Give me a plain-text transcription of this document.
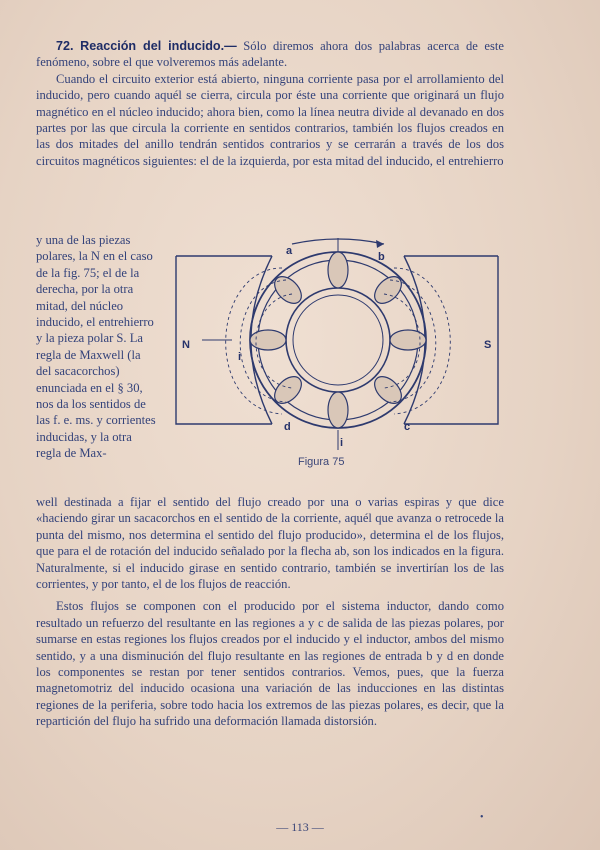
72. Reacción del inducido.— Sólo diremos ahora dos palabras acerca de este fenómeno, sobre el que volveremos más adelante.

Cuando el circuito exterior está abierto, ninguna corriente pasa por el arrollamiento del inducido, pero cuando aquél se cierra, circula por éste una corriente que originará un flujo magnético en el núcleo inducido; ahora bien, como la línea neutra divide al devanado en dos partes por las que circula la corriente en sentidos contrarios, también los flujos creados en las dos mitades del anillo tendrán sentidos contrarios y se cerrarán a través de los dos circuitos magnéticos siguientes: el de la izquierda, por esta mitad del inducido, el entrehierro

y una de las piezas polares, la N en el caso de la fig. 75; el de la derecha, por la otra mitad, del núcleo inducido, el entrehierro y la pieza polar S. La regla de Maxwell (la del sacacorchos) enunciada en el § 30, nos da los sentidos de las f. e. ms. y corrientes inducidas, y la otra regla de Max-
a	b
c
d
N	S
i
i
Figura 75

well destinada a fijar el sentido del flujo creado por una o varias espiras y que dice «haciendo girar un sacacorchos en el sentido de la corriente, aquél que avanza o retrocede la punta del mismo, nos determina el sentido del flujo producido», determina el de los flujos, que para el de rotación del inducido señalado por la flecha ab, son los indicados en la figura. Naturalmente, si el inducido girase en sentido contrario, también se invertirían los de las corrientes, y por tanto, el de los flujos de reacción.

Estos flujos se componen con el producido por el sistema inductor, dando como resultado un refuerzo del resultante en las regiones a y c de salida de las piezas polares, por sumarse en estas regiones los flujos creados por el inducido y el inductor, ambos del mismo sentido, y a una disminución del flujo resultante en las regiones de entrada b y d en donde los componentes se restan por tener sentidos contrarios. Vemos, pues, que la fuerza magnetomotriz del inducido ocasiona una variación de las inducciones en las distintas regiones de la periferia, sobre todo hacia los extremos de las piezas polares, es decir, que la repartición del flujo ha sufrido una deformación llamada distorsión.

— 113 —
•
